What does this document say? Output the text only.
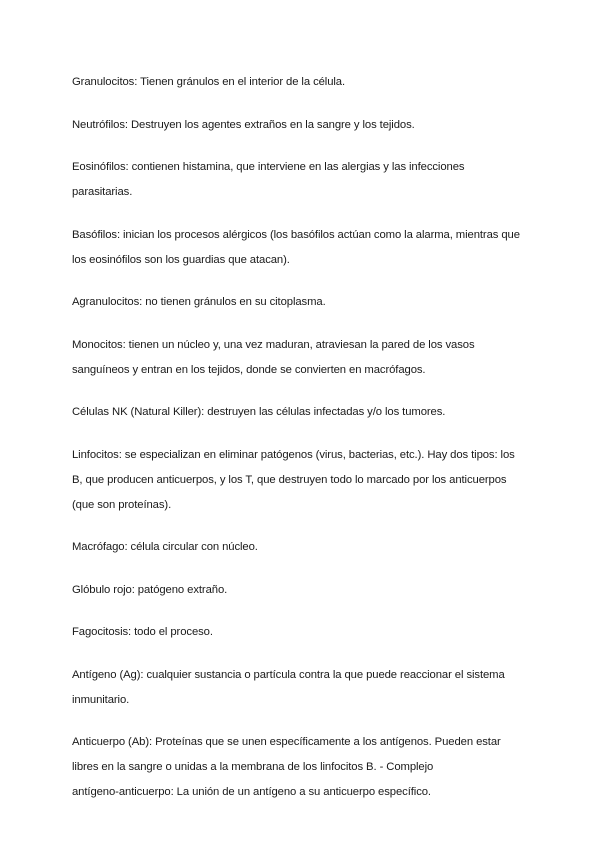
Granulocitos: Tienen gránulos en el interior de la célula.

Neutrófilos: Destruyen los agentes extraños en la sangre y los tejidos.

Eosinófilos: contienen histamina, que interviene en las alergias y las infecciones
parasitarias.

Basófilos: inician los procesos alérgicos (los basófilos actúan como la alarma, mientras que
los eosinófilos son los guardias que atacan).

Agranulocitos: no tienen gránulos en su citoplasma.

Monocitos: tienen un núcleo y, una vez maduran, atraviesan la pared de los vasos
sanguíneos y entran en los tejidos, donde se convierten en macrófagos.

Células NK (Natural Killer): destruyen las células infectadas y/o los tumores.

Linfocitos: se especializan en eliminar patógenos (virus, bacterias, etc.). Hay dos tipos: los
B, que producen anticuerpos, y los T, que destruyen todo lo marcado por los anticuerpos
(que son proteínas).

Macrófago: célula circular con núcleo.

Glóbulo rojo: patógeno extraño.

Fagocitosis: todo el proceso.

Antígeno (Ag): cualquier sustancia o partícula contra la que puede reaccionar el sistema
inmunitario.

Anticuerpo (Ab): Proteínas que se unen específicamente a los antígenos. Pueden estar
libres en la sangre o unidas a la membrana de los linfocitos B. - Complejo
antígeno-anticuerpo: La unión de un antígeno a su anticuerpo específico.
